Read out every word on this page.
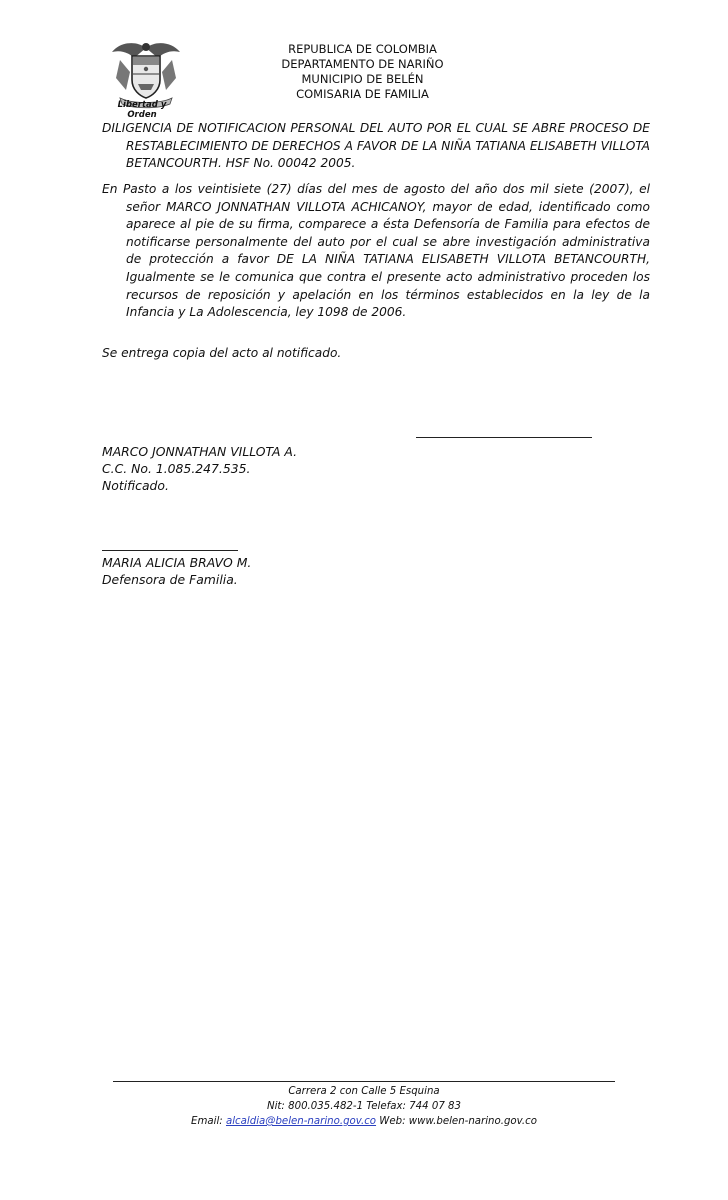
Libertad y Orden
REPUBLICA DE COLOMBIA
DEPARTAMENTO DE NARIÑO
MUNICIPIO DE BELÉN
COMISARIA DE FAMILIA
DILIGENCIA DE NOTIFICACION PERSONAL DEL AUTO POR EL CUAL SE ABRE PROCESO DE RESTABLECIMIENTO DE DERECHOS A FAVOR DE LA NIÑA TATIANA ELISABETH VILLOTA BETANCOURTH. HSF No. 00042 2005.
En Pasto a los veintisiete (27) días del mes de agosto del año dos mil siete (2007), el señor MARCO JONNATHAN VILLOTA ACHICANOY, mayor de edad, identificado como aparece al pie de su firma, comparece a ésta Defensoría de Familia para efectos de notificarse personalmente del auto por el cual se abre investigación administrativa de protección a favor DE LA NIÑA TATIANA ELISABETH VILLOTA BETANCOURTH, Igualmente se le comunica que contra el presente acto administrativo proceden los recursos de reposición y apelación en los términos establecidos en la ley de la Infancia y La Adolescencia, ley 1098 de 2006.
Se entrega copia del acto al notificado.
MARCO JONNATHAN VILLOTA A.
C.C. No. 1.085.247.535.
Notificado.
MARIA ALICIA BRAVO M.
Defensora de Familia.
Carrera 2 con Calle 5 Esquina
Nit: 800.035.482-1 Telefax: 744 07 83
Email: alcaldia@belen-narino.gov.co Web: www.belen-narino.gov.co
